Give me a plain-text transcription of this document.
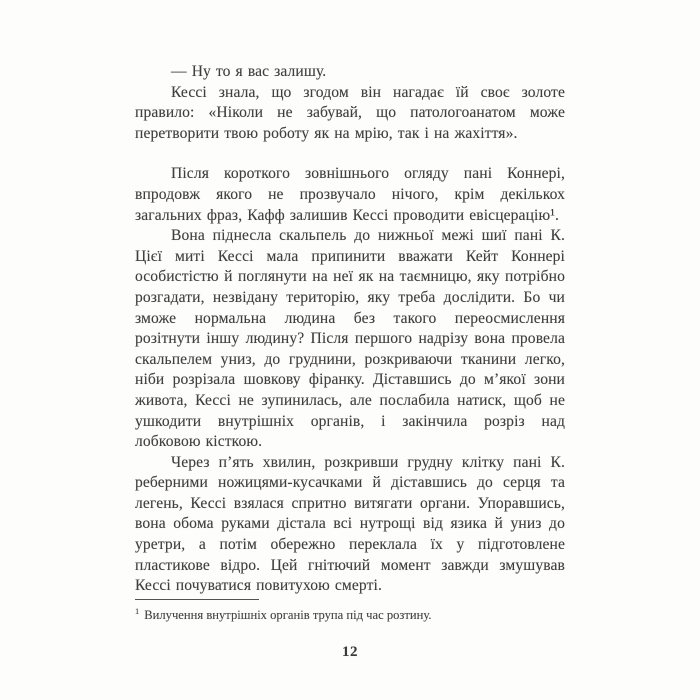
— Ну то я вас залишу.

Кессі знала, що згодом він нагадає їй своє золоте правило: «Ніколи не забувай, що патологоанатом може перетворити твою роботу як на мрію, так і на жахіття».

Після короткого зовнішнього огляду пані Коннері, впродовж якого не прозвучало нічого, крім декількох загальних фраз, Кафф залишив Кессі проводити евісцерацію¹.

Вона піднесла скальпель до нижньої межі шиї пані К. Цієї миті Кессі мала припинити вважати Кейт Коннері особистістю й поглянути на неї як на таємницю, яку потрібно розгадати, незвідану територію, яку треба дослідити. Бо чи зможе нормальна людина без такого переосмислення розітнути іншу людину? Після першого надрізу вона провела скальпелем униз, до груднини, розкриваючи тканини легко, ніби розрізала шовкову фіранку. Діставшись до м’якої зони живота, Кессі не зупинилась, але послабила натиск, щоб не ушкодити внутрішніх органів, і закінчила розріз над лобковою кісткою.

Через п’ять хвилин, розкривши грудну клітку пані К. реберними ножицями-кусачками й діставшись до серця та легень, Кессі взялася спритно витягати органи. Упоравшись, вона обома руками дістала всі нутрощі від язика й униз до уретри, а потім обережно переклала їх у підготовлене пластикове відро. Цей гнітючий момент завжди змушував Кессі почуватися повитухою смерті.

$^1$ Вилучення внутрішніх органів трупа під час розтину.

12
